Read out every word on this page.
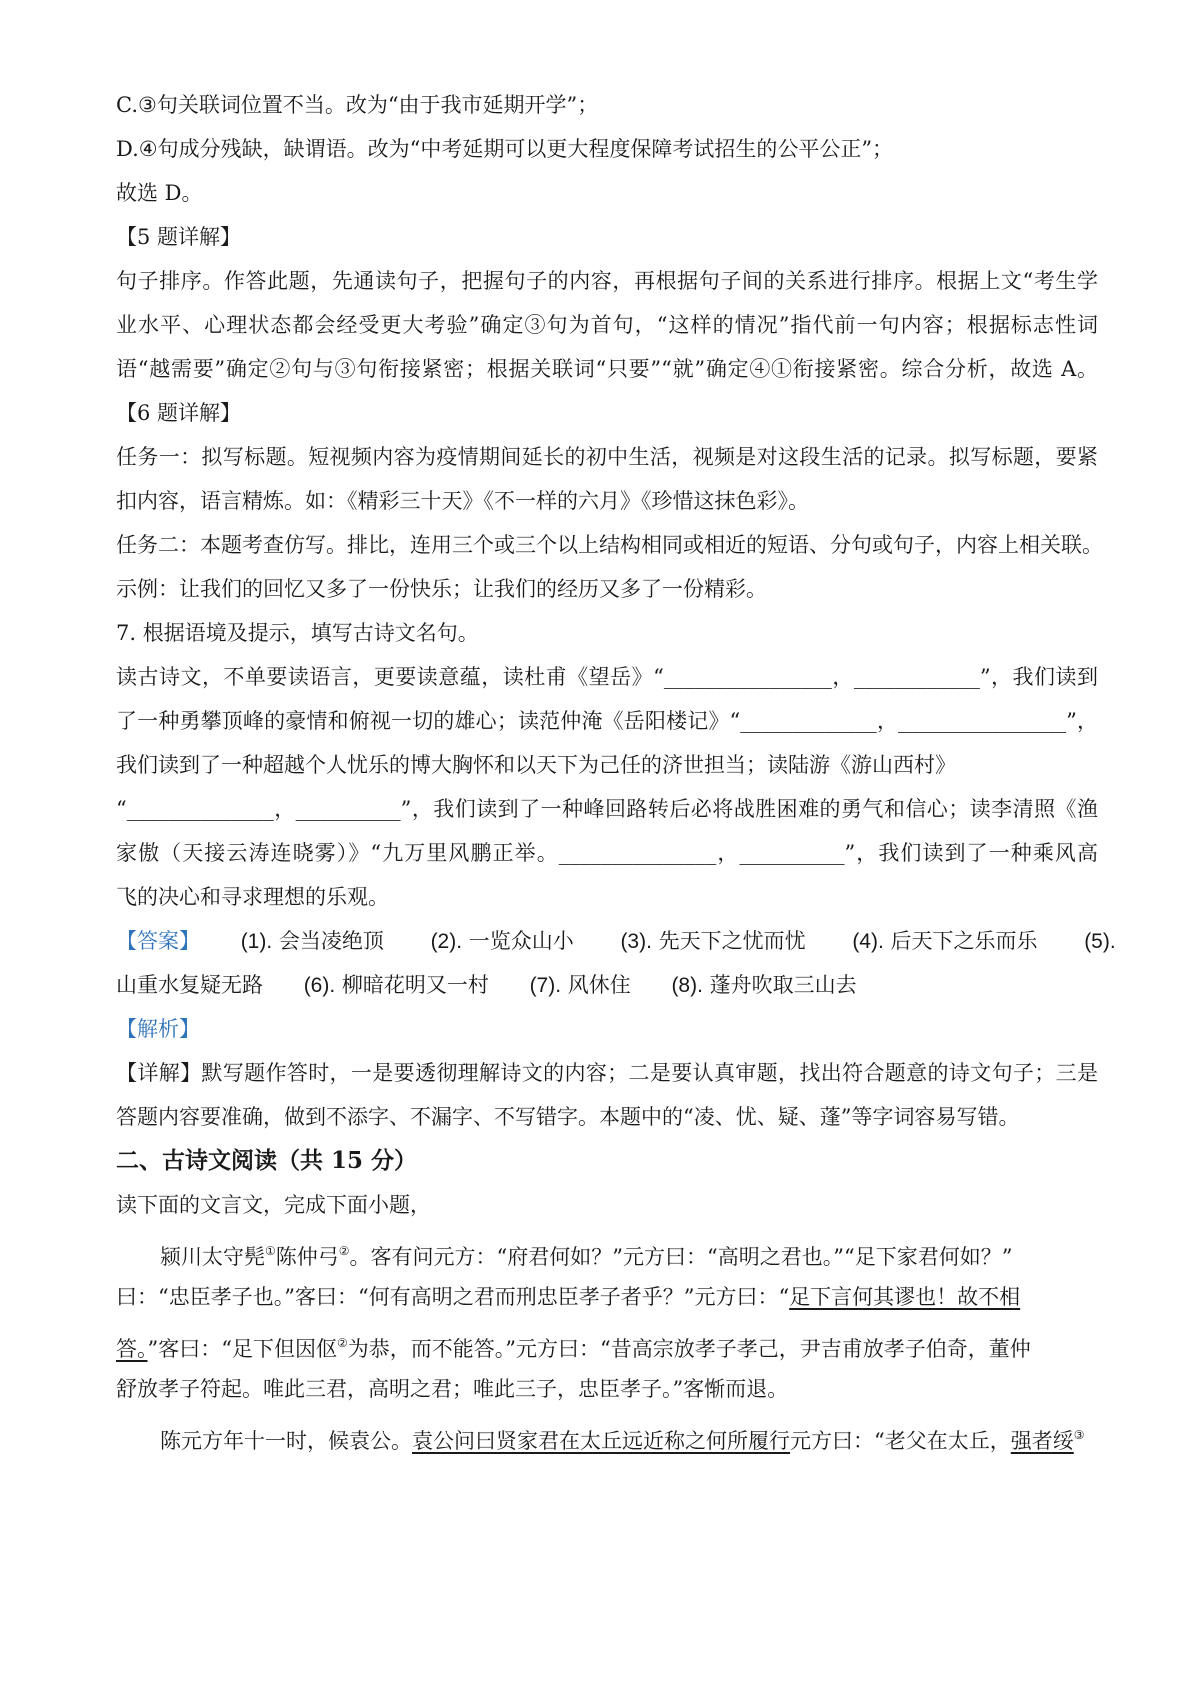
C.③句关联词位置不当。改为“由于我市延期开学”；
D.④句成分残缺，缺谓语。改为“中考延期可以更大程度保障考试招生的公平公正”；
故选 D。
【5 题详解】
句子排序。作答此题，先通读句子，把握句子的内容，再根据句子间的关系进行排序。根据上文“考生学
业水平、心理状态都会经受更大考验”确定③句为首句，“这样的情况”指代前一句内容；根据标志性词
语“越需要”确定②句与③句衔接紧密；根据关联词“只要”“就”确定④①衔接紧密。综合分析，故选 A。
【6 题详解】
任务一：拟写标题。短视频内容为疫情期间延长的初中生活，视频是对这段生活的记录。拟写标题，要紧
扣内容，语言精炼。如：《精彩三十天》《不一样的六月》《珍惜这抹色彩》。
任务二：本题考查仿写。排比，连用三个或三个以上结构相同或相近的短语、分句或句子，内容上相关联。
示例：让我们的回忆又多了一份快乐；让我们的经历又多了一份精彩。
7. 根据语境及提示，填写古诗文名句。
读古诗文，不单要读语言，更要读意蕴，读杜甫《望岳》“________________，____________”，我们读到
了一种勇攀顶峰的豪情和俯视一切的雄心；读范仲淹《岳阳楼记》“_____________，________________”，
我们读到了一种超越个人忧乐的博大胸怀和以天下为己任的济世担当；读陆游《游山西村》
“______________，__________”，我们读到了一种峰回路转后必将战胜困难的勇气和信心；读李清照《渔
家傲（天接云涛连晓雾）》“九万里风鹏正举。_______________，__________”，我们读到了一种乘风高
飞的决心和寻求理想的乐观。
【答案】 (1). 会当凌绝顶 (2). 一览众山小 (3). 先天下之忧而忧 (4). 后天下之乐而乐 (5).
山重水复疑无路 (6). 柳暗花明又一村 (7). 风休住 (8). 蓬舟吹取三山去
【解析】
【详解】默写题作答时，一是要透彻理解诗文的内容；二是要认真审题，找出符合题意的诗文句子；三是
答题内容要准确，做到不添字、不漏字、不写错字。本题中的“凌、忧、疑、蓬”等字词容易写错。
二、古诗文阅读（共 15 分）
读下面的文言文，完成下面小题，
颍川太守髡①陈仲弓②。客有问元方：“府君何如？”元方曰：“高明之君也。”“足下家君何如？”
曰：“忠臣孝子也。”客曰：“何有高明之君而刑忠臣孝子者乎？”元方曰：“足下言何其谬也！故不相
答。”客曰：“足下但因伛②为恭，而不能答。”元方曰：“昔高宗放孝子孝己，尹吉甫放孝子伯奇，董仲
舒放孝子符起。唯此三君，高明之君；唯此三子，忠臣孝子。”客惭而退。
陈元方年十一时，候袁公。袁公问曰贤家君在太丘远近称之何所履行元方曰：“老父在太丘，强者绥③
